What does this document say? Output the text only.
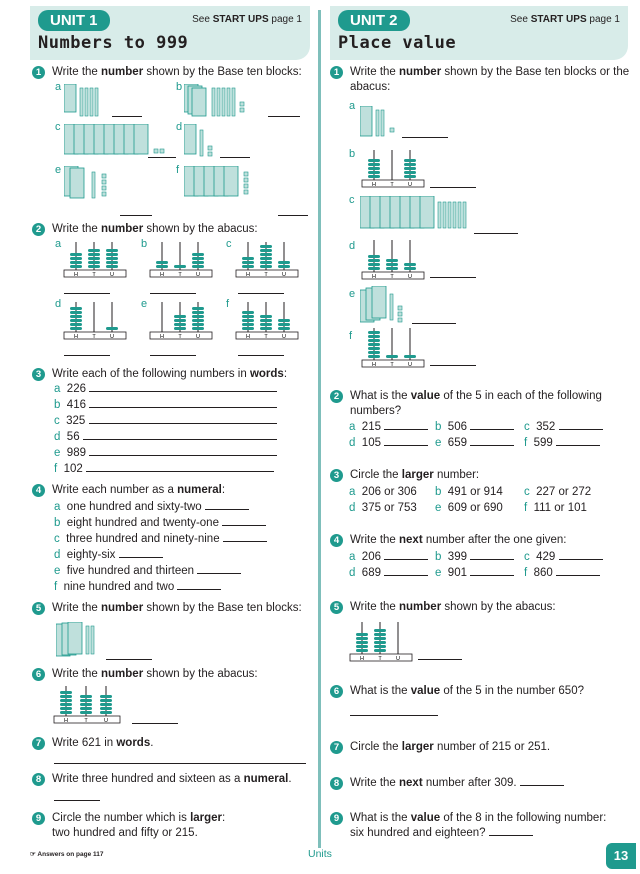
UNIT 1	See START UPS page 1
Numbers to 999
1 Write the number shown by the Base ten blocks:
a	b
c	d
e	f
2 Write the number shown by the abacus:
a
H	T	U
b
H	T	U
c
H	T	U
d
H	T	U
e
H	T	U
f
H	T	U
3 Write each of the following numbers in words:
a 226
b 416
c 325
d 56
e 989
f 102
4 Write each number as a numeral:
a one hundred and sixty-two
b eight hundred and twenty-one
c three hundred and ninety-nine
d eighty-six
e five hundred and thirteen
f nine hundred and two
5 Write the number shown by the Base ten blocks:
6 Write the number shown by the abacus:
H	T	U
7 Write 621 in words.
8 Write three hundred and sixteen as a numeral.
9 Circle the number which is larger:
two hundred and fifty or 215.
☞ Answers on page 117
UNIT 2	See START UPS page 1
Place value
1 Write the number shown by the Base ten blocks or the
abacus:
a
b
H	T	U
c
d
H	T	U
e
f
H	T	U
2 What is the value of the 5 in each of the following
numbers?
a 215	b 506	c 352
d 105	e 659	f 599
3 Circle the larger number:
a 206 or 306 b 491 or 914 c 227 or 272
d 375 or 753 e 609 or 690 f 111 or 101
4 Write the next number after the one given:
a 206	b 399	c 429
d 689	e 901	f 860
5 Write the number shown by the abacus:
H	T	U
6 What is the value of the 5 in the number 650?
7 Circle the larger number of 215 or 251.
8 Write the next number after 309.
9 What is the value of the 8 in the following number:
six hundred and eighteen?
Units	13
